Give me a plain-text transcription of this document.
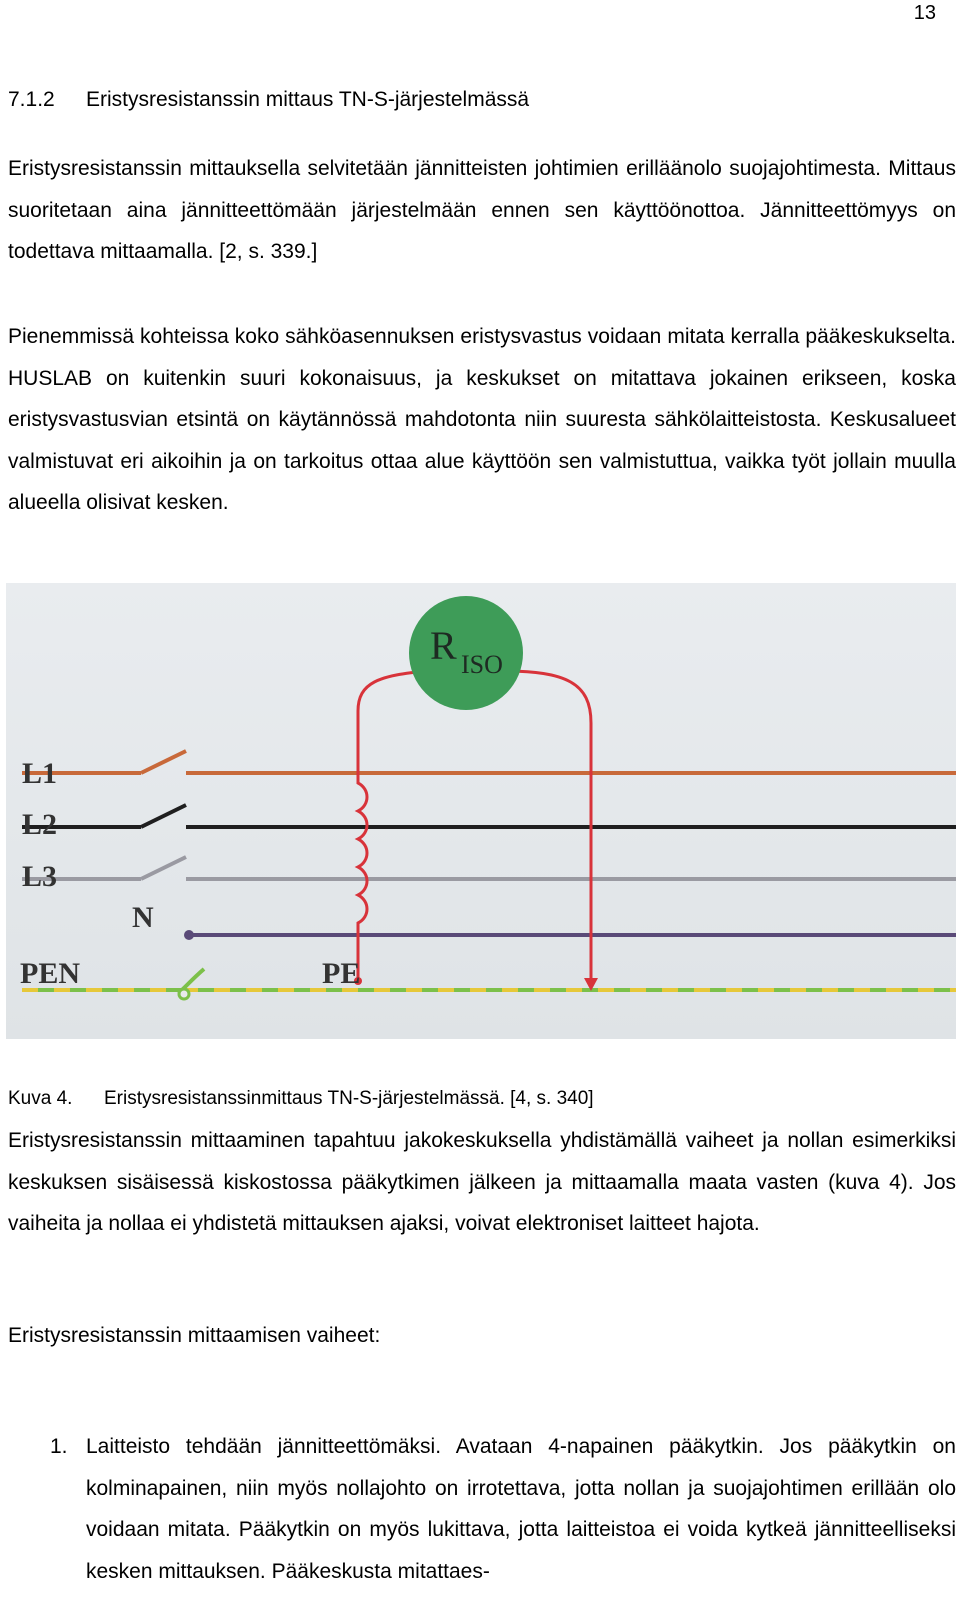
13
7.1.2 Eristysresistanssin mittaus TN-S-järjestelmässä

Eristysresistanssin mittauksella selvitetään jännitteisten johtimien erilläänolo suojajohtimesta. Mittaus suoritetaan aina jännitteettömään järjestelmään ennen sen käyttöönottoa. Jännitteettömyys on todettava mittaamalla. [2, s. 339.]

Pienemmissä kohteissa koko sähköasennuksen eristysvastus voidaan mitata kerralla pääkeskukselta. HUSLAB on kuitenkin suuri kokonaisuus, ja keskukset on mitattava jokainen erikseen, koska eristysvastusvian etsintä on käytännössä mahdotonta niin suuresta sähkölaitteistosta. Keskusalueet valmistuvat eri aikoihin ja on tarkoitus ottaa alue käyttöön sen valmistuttua, vaikka työt jollain muulla alueella olisivat kesken.

R ISO
L1
L2
L3
N
PEN	PE
Kuva 4. Eristysresistanssinmittaus TN-S-järjestelmässä. [4, s. 340]

Eristysresistanssin mittaaminen tapahtuu jakokeskuksella yhdistämällä vaiheet ja nollan esimerkiksi keskuksen sisäisessä kiskostossa pääkytkimen jälkeen ja mittaamalla maata vasten (kuva 4). Jos vaiheita ja nollaa ei yhdistetä mittauksen ajaksi, voivat elektroniset laitteet hajota.

Eristysresistanssin mittaamisen vaiheet:
1. Laitteisto tehdään jännitteettömäksi. Avataan 4-napainen pääkytkin. Jos pääkytkin on kolminapainen, niin myös nollajohto on irrotettava, jotta nollan ja suojajohtimen erillään olo voidaan mitata. Pääkytkin on myös lukittava, jotta laitteistoa ei voida kytkeä jännitteelliseksi kesken mittauksen. Pääkeskusta mitattaes-
